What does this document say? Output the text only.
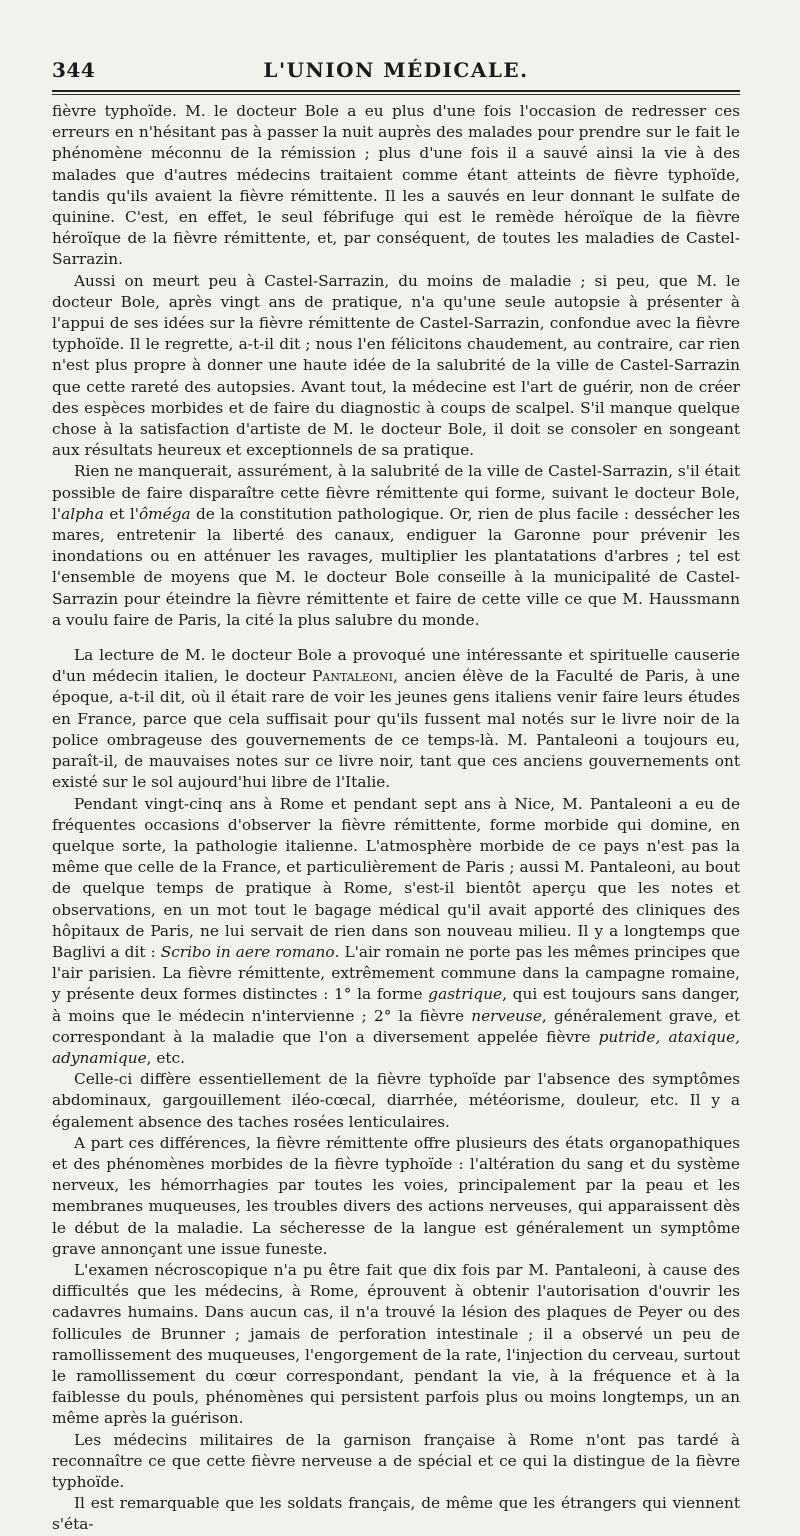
344	L'UNION MÉDICALE.

fièvre typhoïde. M. le docteur Bole a eu plus d'une fois l'occasion de redresser ces erreurs en n'hésitant pas à passer la nuit auprès des malades pour prendre sur le fait le phénomène méconnu de la rémission ; plus d'une fois il a sauvé ainsi la vie à des malades que d'autres médecins traitaient comme étant atteints de fièvre typhoïde, tandis qu'ils avaient la fièvre rémittente. Il les a sauvés en leur donnant le sulfate de quinine. C'est, en effet, le seul fébrifuge qui est le remède héroïque de la fièvre héroïque de la fièvre rémittente, et, par conséquent, de toutes les maladies de Castel-Sarrazin.

Aussi on meurt peu à Castel-Sarrazin, du moins de maladie ; si peu, que M. le docteur Bole, après vingt ans de pratique, n'a qu'une seule autopsie à présenter à l'appui de ses idées sur la fièvre rémittente de Castel-Sarrazin, confondue avec la fièvre typhoïde. Il le regrette, a-t-il dit ; nous l'en félicitons chaudement, au contraire, car rien n'est plus propre à donner une haute idée de la salubrité de la ville de Castel-Sarrazin que cette rareté des autopsies. Avant tout, la médecine est l'art de guérir, non de créer des espèces morbides et de faire du diagnostic à coups de scalpel. S'il manque quelque chose à la satisfaction d'artiste de M. le docteur Bole, il doit se consoler en songeant aux résultats heureux et exceptionnels de sa pratique.

Rien ne manquerait, assurément, à la salubrité de la ville de Castel-Sarrazin, s'il était possible de faire disparaître cette fièvre rémittente qui forme, suivant le docteur Bole, l'alpha et l'ôméga de la constitution pathologique. Or, rien de plus facile : dessécher les mares, entretenir la liberté des canaux, endiguer la Garonne pour prévenir les inondations ou en atténuer les ravages, multiplier les plantatations d'arbres ; tel est l'ensemble de moyens que M. le docteur Bole conseille à la municipalité de Castel-Sarrazin pour éteindre la fièvre rémittente et faire de cette ville ce que M. Haussmann a voulu faire de Paris, la cité la plus salubre du monde.

La lecture de M. le docteur Bole a provoqué une intéressante et spirituelle causerie d'un médecin italien, le docteur Pantaleoni, ancien élève de la Faculté de Paris, à une époque, a-t-il dit, où il était rare de voir les jeunes gens italiens venir faire leurs études en France, parce que cela suffisait pour qu'ils fussent mal notés sur le livre noir de la police ombrageuse des gouvernements de ce temps-là. M. Pantaleoni a toujours eu, paraît-il, de mauvaises notes sur ce livre noir, tant que ces anciens gouvernements ont existé sur le sol aujourd'hui libre de l'Italie.

Pendant vingt-cinq ans à Rome et pendant sept ans à Nice, M. Pantaleoni a eu de fréquentes occasions d'observer la fièvre rémittente, forme morbide qui domine, en quelque sorte, la pathologie italienne. L'atmosphère morbide de ce pays n'est pas la même que celle de la France, et particulièrement de Paris ; aussi M. Pantaleoni, au bout de quelque temps de pratique à Rome, s'est-il bientôt aperçu que les notes et observations, en un mot tout le bagage médical qu'il avait apporté des cliniques des hôpitaux de Paris, ne lui servait de rien dans son nouveau milieu. Il y a longtemps que Baglivi a dit : Scribo in aere romano. L'air romain ne porte pas les mêmes principes que l'air parisien. La fièvre rémittente, extrêmement commune dans la campagne romaine, y présente deux formes distinctes : 1° la forme gastrique, qui est toujours sans danger, à moins que le médecin n'intervienne ; 2° la fièvre nerveuse, généralement grave, et correspondant à la maladie que l'on a diversement appelée fièvre putride, ataxique, adynamique, etc.

Celle-ci diffère essentiellement de la fièvre typhoïde par l'absence des symptômes abdominaux, gargouillement iléo-cœcal, diarrhée, météorisme, douleur, etc. Il y a également absence des taches rosées lenticulaires.

A part ces différences, la fièvre rémittente offre plusieurs des états organopathiques et des phénomènes morbides de la fièvre typhoïde : l'altération du sang et du système nerveux, les hémorrhagies par toutes les voies, principalement par la peau et les membranes muqueuses, les troubles divers des actions nerveuses, qui apparaissent dès le début de la maladie. La sécheresse de la langue est généralement un symptôme grave annonçant une issue funeste.

L'examen nécroscopique n'a pu être fait que dix fois par M. Pantaleoni, à cause des difficultés que les médecins, à Rome, éprouvent à obtenir l'autorisation d'ouvrir les cadavres humains. Dans aucun cas, il n'a trouvé la lésion des plaques de Peyer ou des follicules de Brunner ; jamais de perforation intestinale ; il a observé un peu de ramollissement des muqueuses, l'engorgement de la rate, l'injection du cerveau, surtout le ramollissement du cœur correspondant, pendant la vie, à la fréquence et à la faiblesse du pouls, phénomènes qui persistent parfois plus ou moins longtemps, un an même après la guérison.

Les médecins militaires de la garnison française à Rome n'ont pas tardé à reconnaître ce que cette fièvre nerveuse a de spécial et ce qui la distingue de la fièvre typhoïde.

Il est remarquable que les soldats français, de même que les étrangers qui viennent s'éta-
